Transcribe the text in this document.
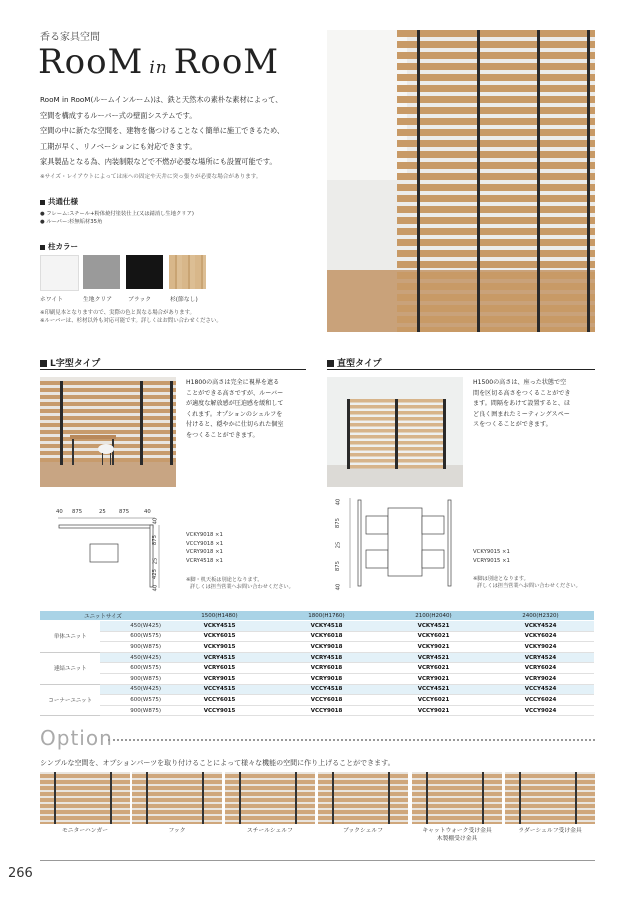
香る家具空間
RooM in RooM
RooM in RooM(ルームインルーム)は、鉄と天然木の素朴な素材によって、
空間を構成するルーバー式の壁面システムです。
空間の中に新たな空間を、建物を傷つけることなく簡単に施工できるため、
工期が早く、リノベーションにも対応できます。
家具製品となる為、内装制限などで不燃が必要な場所にも設置可能です。
※サイズ・レイアウトによっては床への固定や天井に突っ張りが必要な場合があります。
共通仕様
● フレーム:スチール+粉体焼付塗装仕上(又は錆消し生地クリア)
● ルーバー:杉無垢材35角
柱カラー
ホワイト	生地クリア	ブラック	杉(節なし)
※印刷見本となりますので、実際の色と異なる場合があります。
※ルーバーは、杉材以外も対応可能です。詳しくはお問い合わせください。
L字型タイプ
H1800の高さは完全に視界を遮る
ことができる高さですが、ルーバー
が適度な解放感が圧迫感を緩和して
くれます。オプションのシェルフを
付けると、穏やかに仕切られた個室
をつくることができます。
40 875	25	875	40
40
875
25
425
40
VCKY9018 ×1
VCCY9018 ×1
VCRY9018 ×1
VCRY4518 ×1
※脚・机天板は別途となります。
詳しくは担当営業へお問い合わせください。
直型タイプ
H1500の高さは、座った状態で空
間を区切る高さをつくることができ
ます。間隔をあけて設置すると、ほ
ど良く囲まれたミーティングスペー
スをつくることができます。
40
875
25
875
40
VCKY9015 ×1
VCRY9015 ×1
※脚は別途となります。
詳しくは担当営業へお問い合わせください。
ユニットサイズ		1500(H1480)	1800(H1760)	2100(H2040)	2400(H2320)
単体ユニット	450(W425)	VCKY4515	VCKY4518	VCKY4521	VCKY4524
	600(W575)	VCKY6015	VCKY6018	VCKY6021	VCKY6024
	900(W875)	VCKY9015	VCKY9018	VCKY9021	VCKY9024
連結ユニット	450(W425)	VCRY4515	VCRY4518	VCRY4521	VCRY4524
	600(W575)	VCRY6015	VCRY6018	VCRY6021	VCRY6024
	900(W875)	VCRY9015	VCRY9018	VCRY9021	VCRY9024
コーナーユニット	450(W425)	VCCY4515	VCCY4518	VCCY4521	VCCY4524
	600(W575)	VCCY6015	VCCY6018	VCCY6021	VCCY6024
	900(W875)	VCCY9015	VCCY9018	VCCY9021	VCCY9024
Option
シンプルな空間を、オプションパーツを取り付けることによって様々な機能の空間に作り上げることができます。
モニターハンガー	フック	スチールシェルフ	ブックシェルフ	キャットウォーク受け金具
木製棚受け金具
ラダーシェルフ受け金具
266
